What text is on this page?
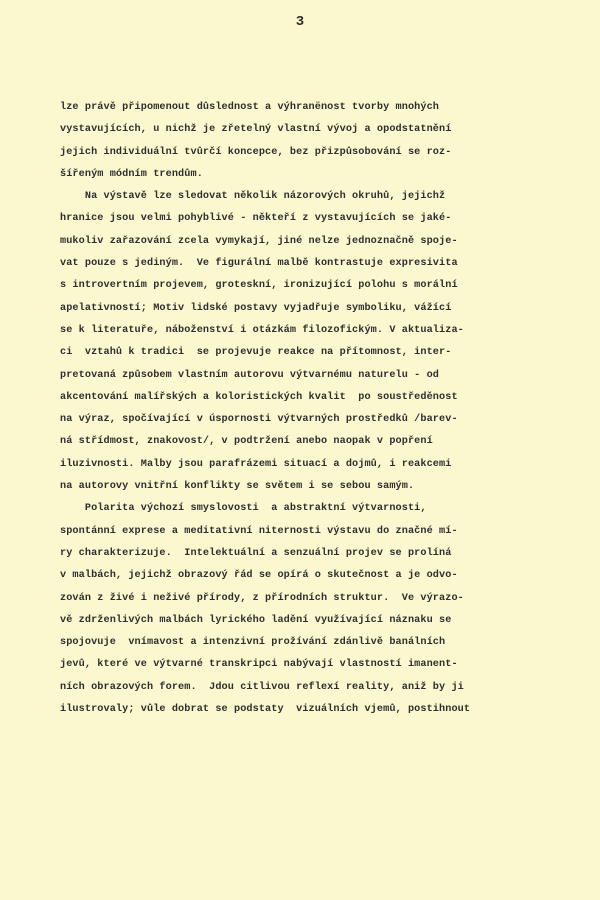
3
lze právě připomenout důslednost a výhranënost tvorby mnohých
vystavujících, u nichž je zřetelný vlastní vývoj a opodstatnění
jejich individuální tvůrčí koncepce, bez přizpůsobování se roz-
šířeným módním trendům.
Na výstavě lze sledovat několik názorových okruhů, jejichž
hranice jsou velmi pohyblivé - někteří z vystavujících se jaké-
mukoliv zařazování zcela vymykají, jiné nelze jednoznačně spoje-
vat pouze s jediným.  Ve figurální malbě kontrastuje expresivita
s introvertním projevem, groteskní, ironizující polohu s morální
apelativností; Motiv lidské postavy vyjadřuje symboliku, vážící
se k literatuře, náboženství i otázkám filozofickým. V aktualiza-
ci  vztahů k tradici  se projevuje reakce na přítomnost, inter-
pretovaná způsobem vlastním autorovu výtvarnému naturelu - od
akcentování malířských a koloristických kvalit  po soustředěnost
na výraz, spočívající v úspornosti výtvarných prostředků /barev-
ná střídmost, znakovost/, v podtržení anebo naopak v popření
iluzivnosti. Malby jsou parafrázemi situací a dojmů, i reakcemi
na autorovy vnitřní konflikty se světem i se sebou samým.
Polarita výchozí smyslovosti  a abstraktní výtvarnosti,
spontánní exprese a meditativní niternosti výstavu do značné mí-
ry charakterizuje.  Intelektuální a senzuální projev se prolíná
v malbách, jejichž obrazový řád se opírá o skutečnost a je odvo-
zován z živé i neživé přírody, z přírodních struktur.  Ve výrazo-
vě zdrženlivých malbách lyrického ladění využívající náznaku se
spojovuje  vnímavost a intenzivní prožívání zdánlivě banálních
jevů, které ve výtvarné transkripci nabývají vlastností imanent-
ních obrazových forem.  Jdou citlivou reflexí reality, aniž by ji
ilustrovaly; vůle dobrat se podstaty  vizuálních vjemů, postihnout
